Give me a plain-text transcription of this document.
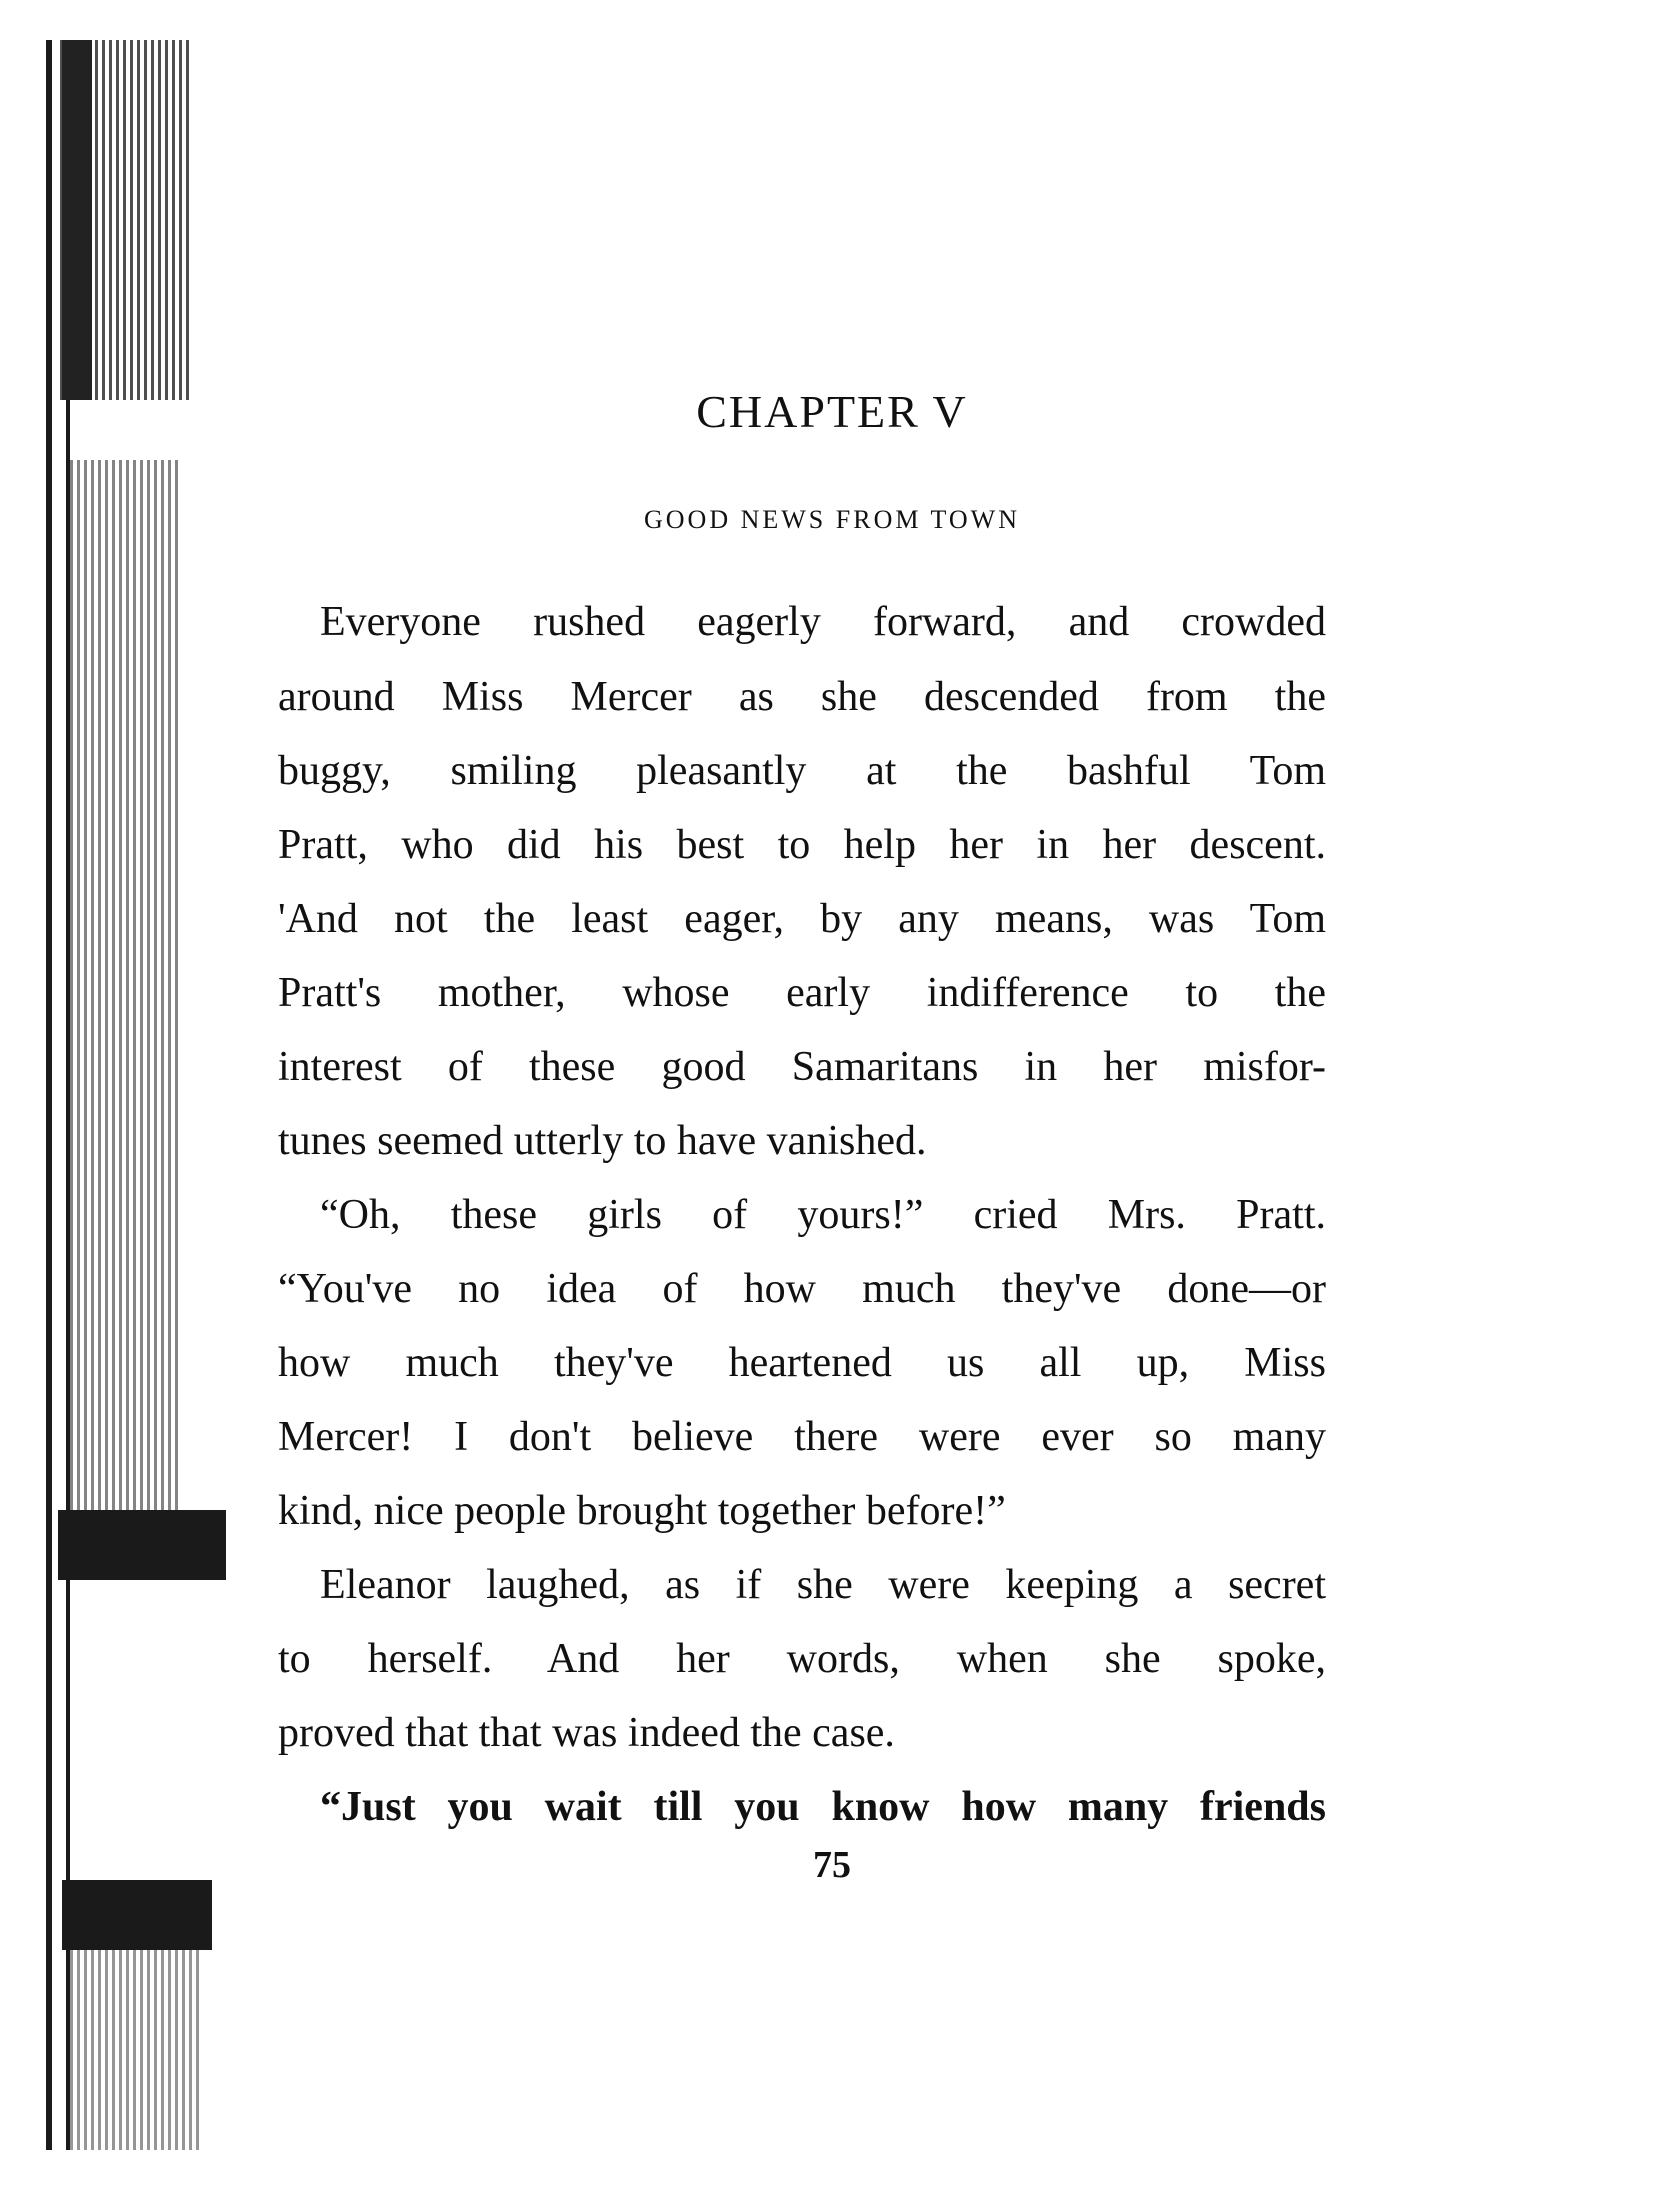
CHAPTER V
GOOD NEWS FROM TOWN
Everyone rushed eagerly forward, and crowded
around Miss Mercer as she descended from the
buggy, smiling pleasantly at the bashful Tom
Pratt, who did his best to help her in her descent.
'And not the least eager, by any means, was Tom
Pratt's mother, whose early indifference to the
interest of these good Samaritans in her misfor-
tunes seemed utterly to have vanished.
“Oh, these girls of yours!” cried Mrs. Pratt.
“You've no idea of how much they've done—or
how much they've heartened us all up, Miss
Mercer! I don't believe there were ever so many
kind, nice people brought together before!”
Eleanor laughed, as if she were keeping a secret
to herself. And her words, when she spoke,
proved that that was indeed the case.
“Just you wait till you know how many friends
75
